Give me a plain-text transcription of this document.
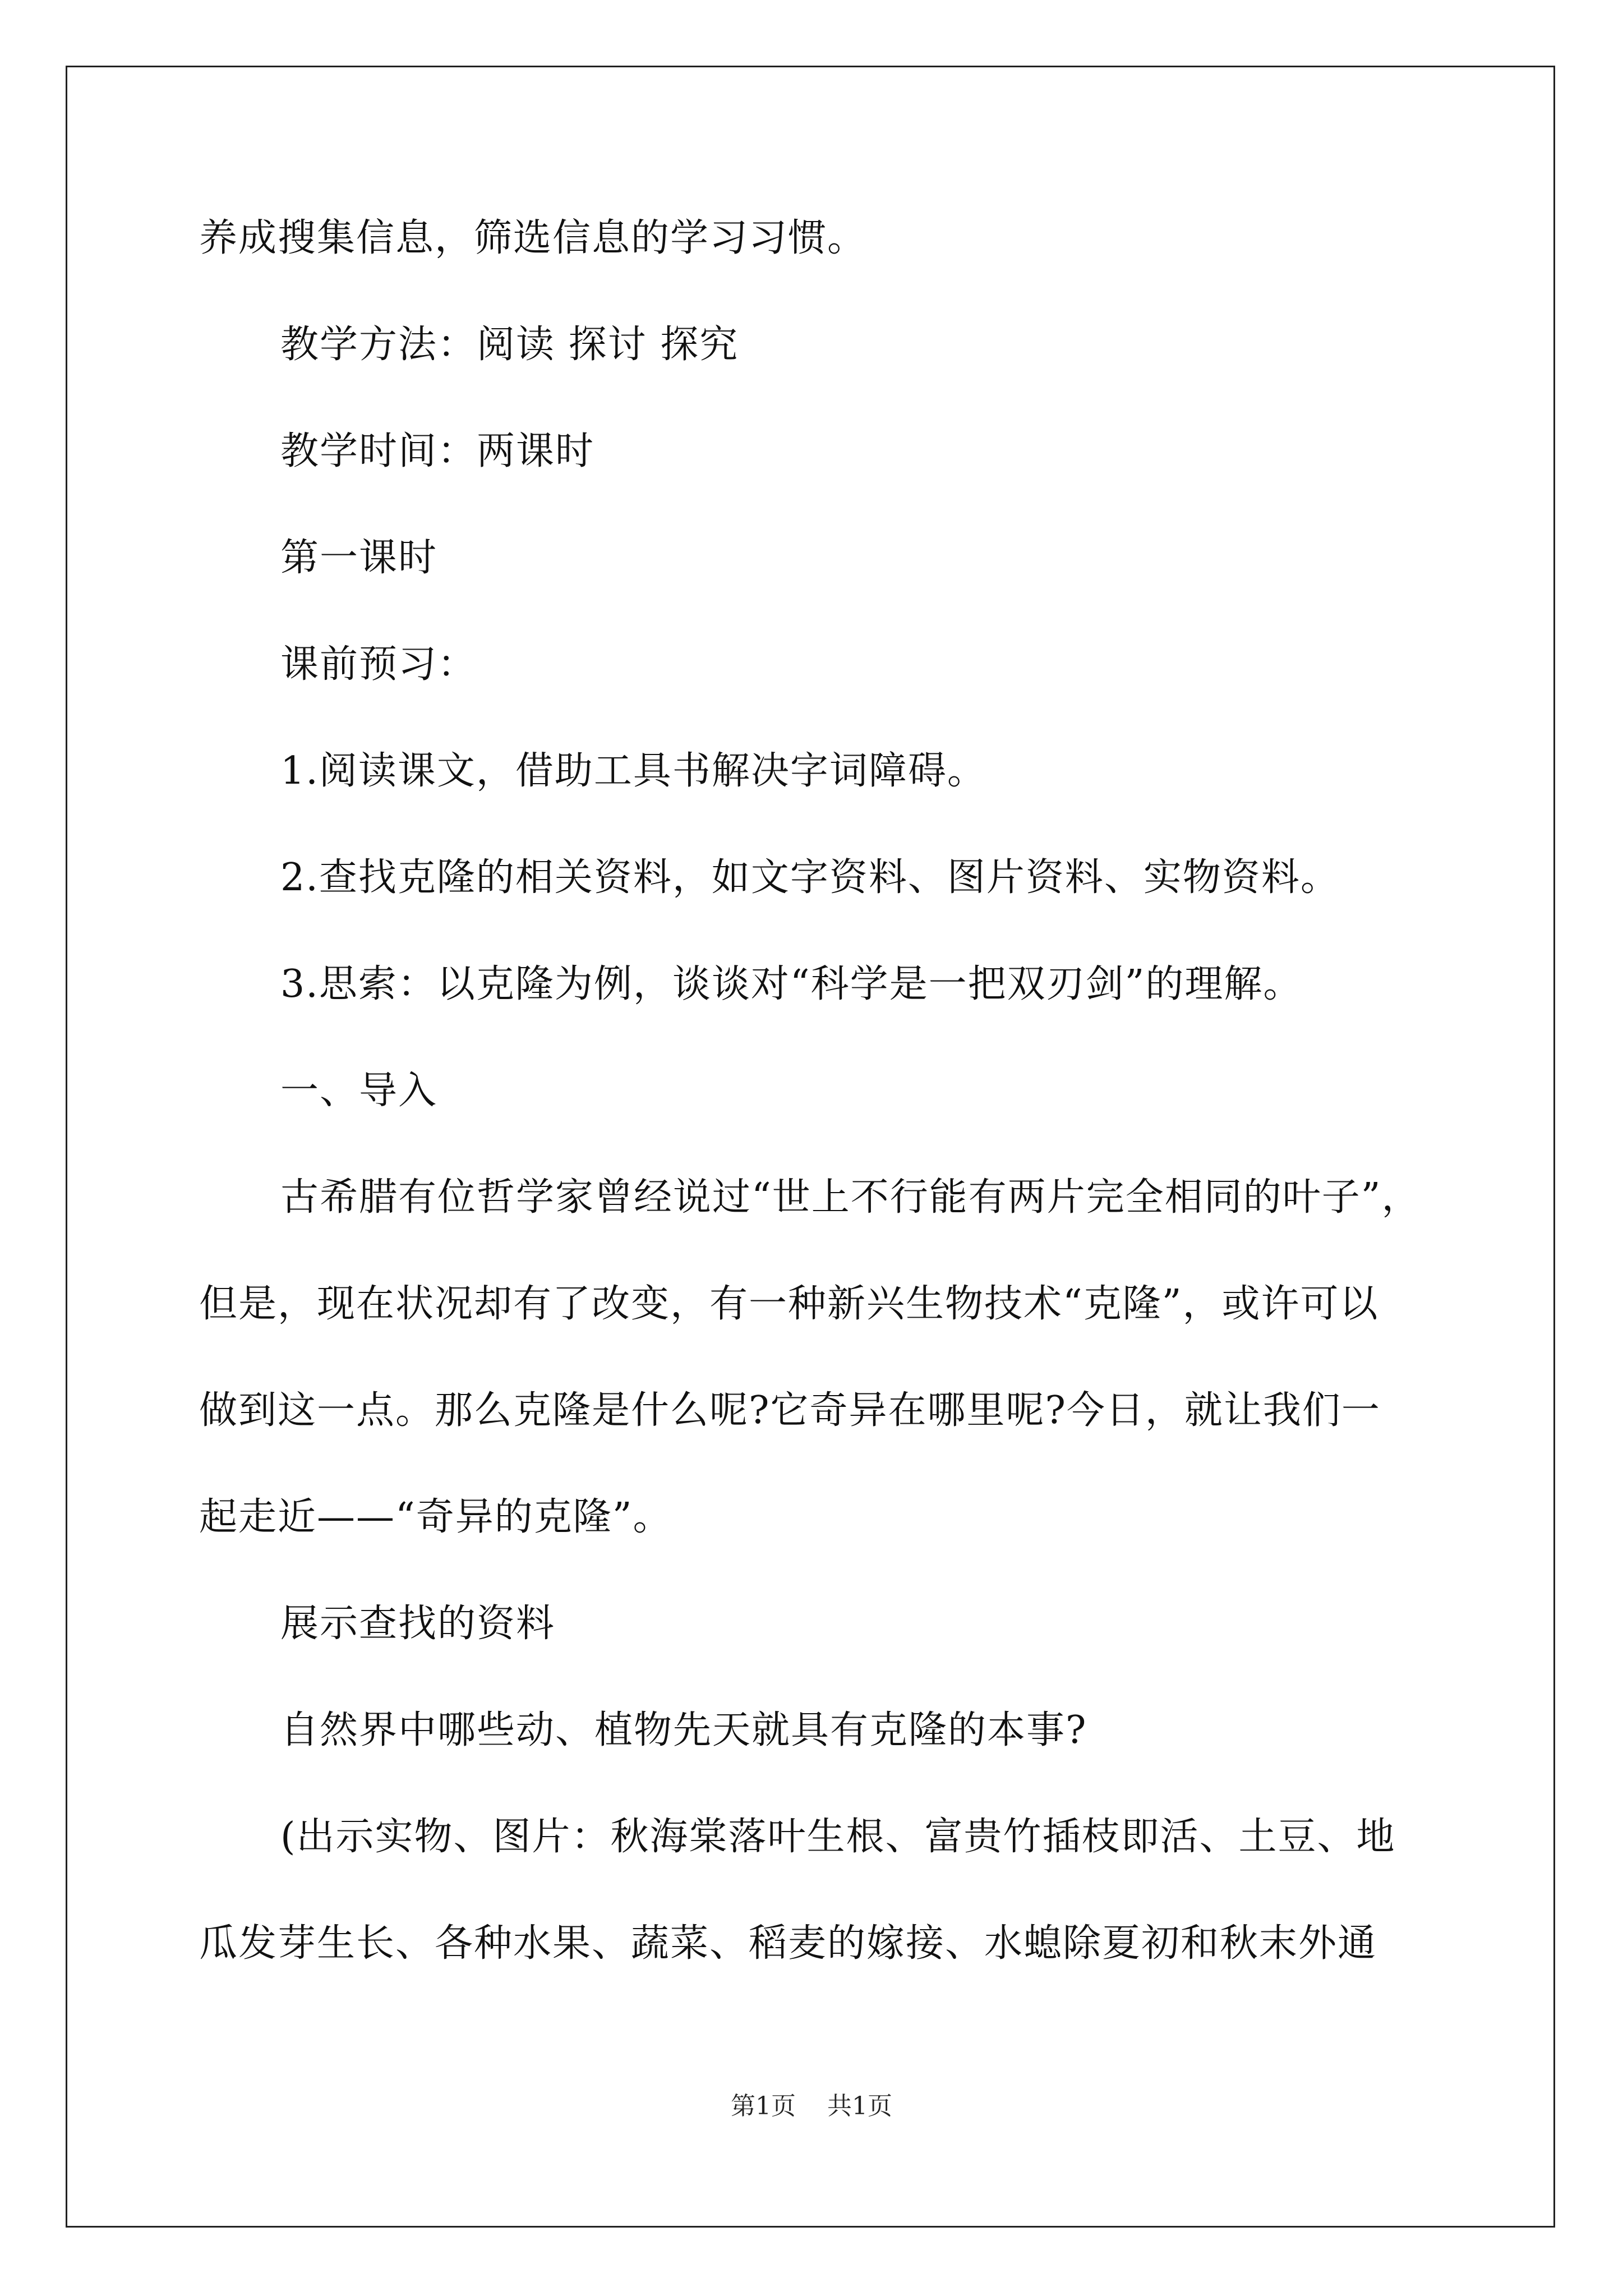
养成搜集信息，筛选信息的学习习惯。
教学方法：阅读 探讨 探究
教学时间：两课时
第一课时
课前预习：
1.阅读课文，借助工具书解决字词障碍。
2.查找克隆的相关资料，如文字资料、图片资料、实物资料。
3.思索：以克隆为例，谈谈对“科学是一把双刃剑”的理解。
一、导入
古希腊有位哲学家曾经说过“世上不行能有两片完全相同的叶子”，
但是，现在状况却有了改变，有一种新兴生物技术“克隆”，或许可以
做到这一点。那么克隆是什么呢?它奇异在哪里呢?今日，就让我们一
起走近——“奇异的克隆”。
展示查找的资料
自然界中哪些动、植物先天就具有克隆的本事?
(出示实物、图片：秋海棠落叶生根、富贵竹插枝即活、土豆、地
瓜发芽生长、各种水果、蔬菜、稻麦的嫁接、水螅除夏初和秋末外通
第1页    共1页
